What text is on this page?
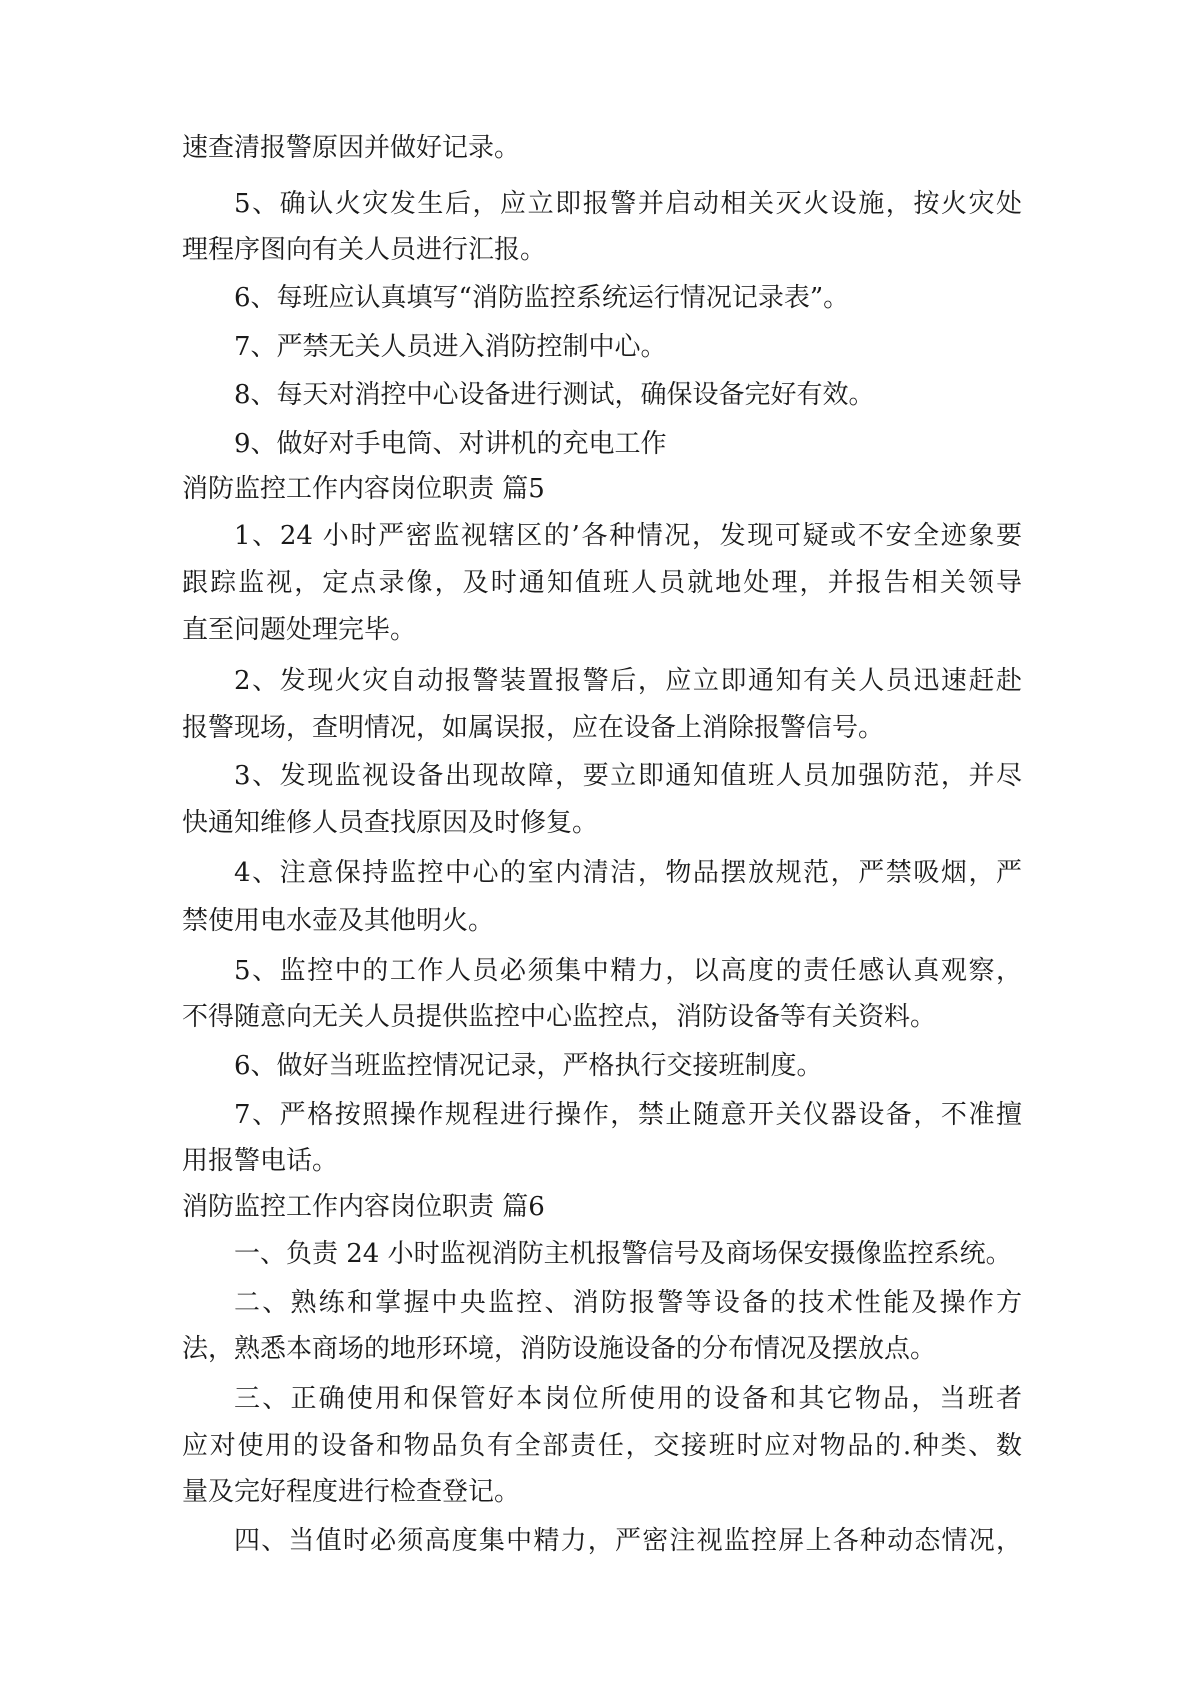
速查清报警原因并做好记录。
5、确认火灾发生后，应立即报警并启动相关灭火设施，按火灾处
理程序图向有关人员进行汇报。
6、每班应认真填写“消防监控系统运行情况记录表”。
7、严禁无关人员进入消防控制中心。
8、每天对消控中心设备进行测试，确保设备完好有效。
9、做好对手电筒、对讲机的充电工作
消防监控工作内容岗位职责 篇5
1、24 小时严密监视辖区的’各种情况，发现可疑或不安全迹象要
跟踪监视，定点录像，及时通知值班人员就地处理，并报告相关领导
直至问题处理完毕。
2、发现火灾自动报警装置报警后，应立即通知有关人员迅速赶赴
报警现场，查明情况，如属误报，应在设备上消除报警信号。
3、发现监视设备出现故障，要立即通知值班人员加强防范，并尽
快通知维修人员查找原因及时修复。
4、注意保持监控中心的室内清洁，物品摆放规范，严禁吸烟，严
禁使用电水壶及其他明火。
5、监控中的工作人员必须集中精力，以高度的责任感认真观察，
不得随意向无关人员提供监控中心监控点，消防设备等有关资料。
6、做好当班监控情况记录，严格执行交接班制度。
7、严格按照操作规程进行操作，禁止随意开关仪器设备，不准擅
用报警电话。
消防监控工作内容岗位职责 篇6
一、负责 24 小时监视消防主机报警信号及商场保安摄像监控系统。
二、熟练和掌握中央监控、消防报警等设备的技术性能及操作方
法，熟悉本商场的地形环境，消防设施设备的分布情况及摆放点。
三、正确使用和保管好本岗位所使用的设备和其它物品，当班者
应对使用的设备和物品负有全部责任，交接班时应对物品的.种类、数
量及完好程度进行检查登记。
四、当值时必须高度集中精力，严密注视监控屏上各种动态情况，
